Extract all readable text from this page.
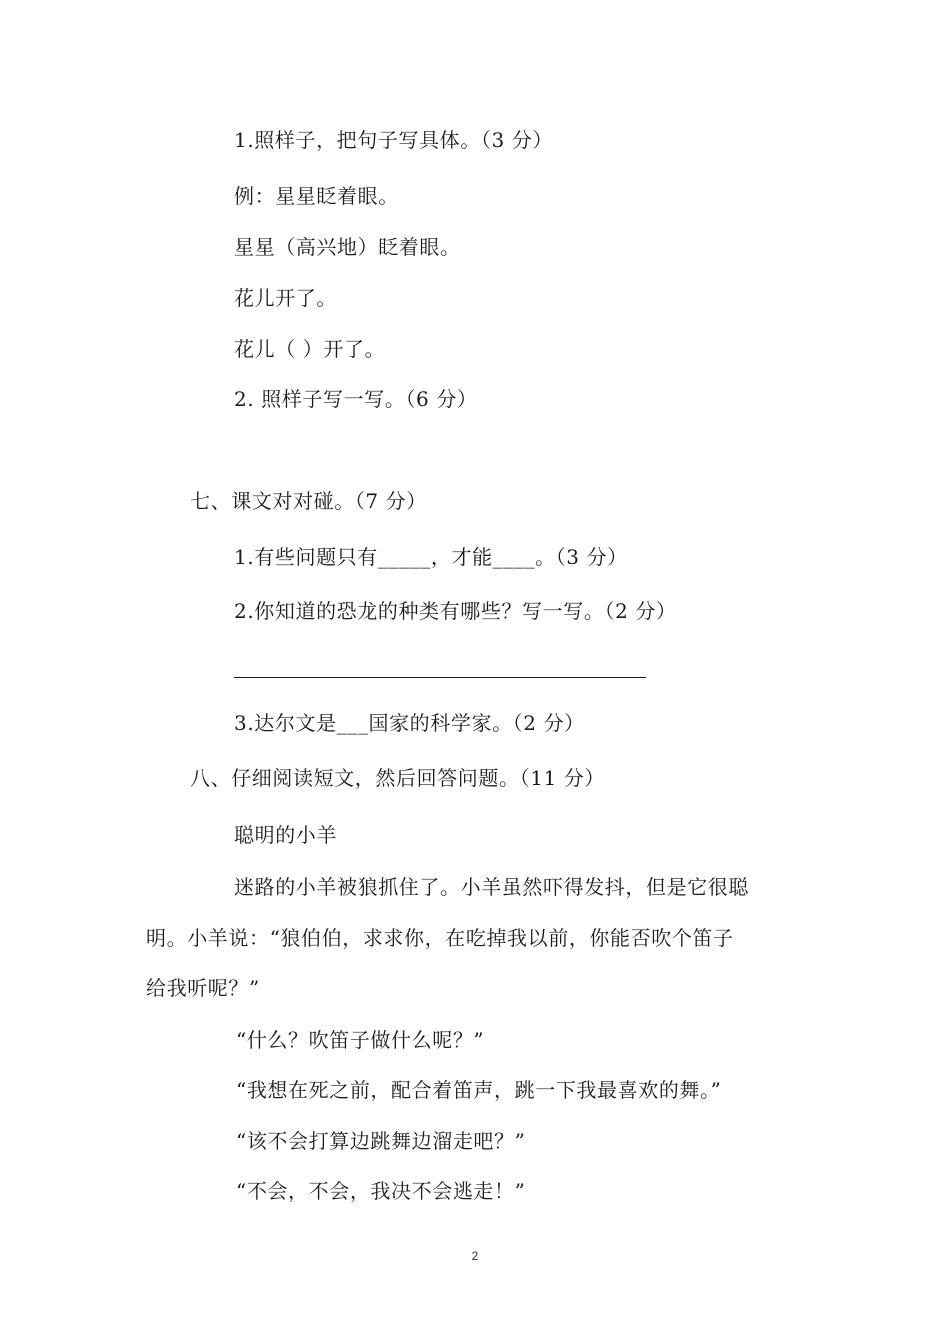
1.照样子，把句子写具体。（3 分）
例：星星眨着眼。
星星（高兴地）眨着眼。
花儿开了。
花儿（ ）开了。
2. 照样子写一写。（6 分）
七、课文对对碰。（7 分）
1.有些问题只有_____，才能____。（3 分）
2.你知道的恐龙的种类有哪些？写一写。（2 分）
3.达尔文是___国家的科学家。（2 分）
八、仔细阅读短文，然后回答问题。（11 分）
聪明的小羊
迷路的小羊被狼抓住了。小羊虽然吓得发抖，但是它很聪
明。小羊说：“狼伯伯，求求你，在吃掉我以前，你能否吹个笛子
给我听呢？”
“什么？吹笛子做什么呢？”
“我想在死之前，配合着笛声，跳一下我最喜欢的舞。”
“该不会打算边跳舞边溜走吧？”
“不会，不会，我决不会逃走！”
2
